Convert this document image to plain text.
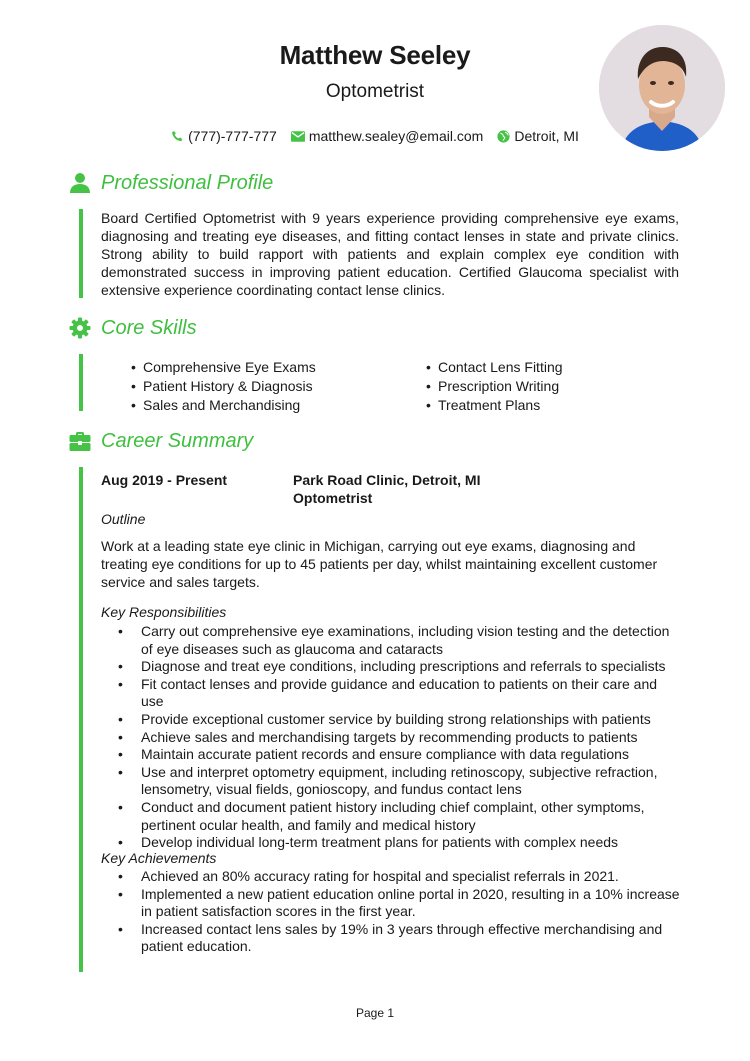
Matthew Seeley
Optometrist
(777)-777-777 matthew.sealey@email.com Detroit, MI
Professional Profile
Board Certified Optometrist with 9 years experience providing comprehensive eye exams, diagnosing and treating eye diseases, and fitting contact lenses in state and private clinics. Strong ability to build rapport with patients and explain complex eye condition with demonstrated success in improving patient education. Certified Glaucoma specialist with extensive experience coordinating contact lense clinics.
Core Skills
• Comprehensive Eye Exams
• Patient History & Diagnosis
• Sales and Merchandising
• Contact Lens Fitting
• Prescription Writing
• Treatment Plans
Career Summary
Aug 2019 - Present	Park Road Clinic, Detroit, MI
Optometrist
Outline
Work at a leading state eye clinic in Michigan, carrying out eye exams, diagnosing and treating eye conditions for up to 45 patients per day, whilst maintaining excellent customer service and sales targets.
Key Responsibilities
• Carry out comprehensive eye examinations, including vision testing and the detection of eye diseases such as glaucoma and cataracts
• Diagnose and treat eye conditions, including prescriptions and referrals to specialists
• Fit contact lenses and provide guidance and education to patients on their care and use
• Provide exceptional customer service by building strong relationships with patients
• Achieve sales and merchandising targets by recommending products to patients
• Maintain accurate patient records and ensure compliance with data regulations
• Use and interpret optometry equipment, including retinoscopy, subjective refraction, lensometry, visual fields, gonioscopy, and fundus contact lens
• Conduct and document patient history including chief complaint, other symptoms, pertinent ocular health, and family and medical history
• Develop individual long-term treatment plans for patients with complex needs
Key Achievements
• Achieved an 80% accuracy rating for hospital and specialist referrals in 2021.
• Implemented a new patient education online portal in 2020, resulting in a 10% increase in patient satisfaction scores in the first year.
• Increased contact lens sales by 19% in 3 years through effective merchandising and patient education.
Page 1
